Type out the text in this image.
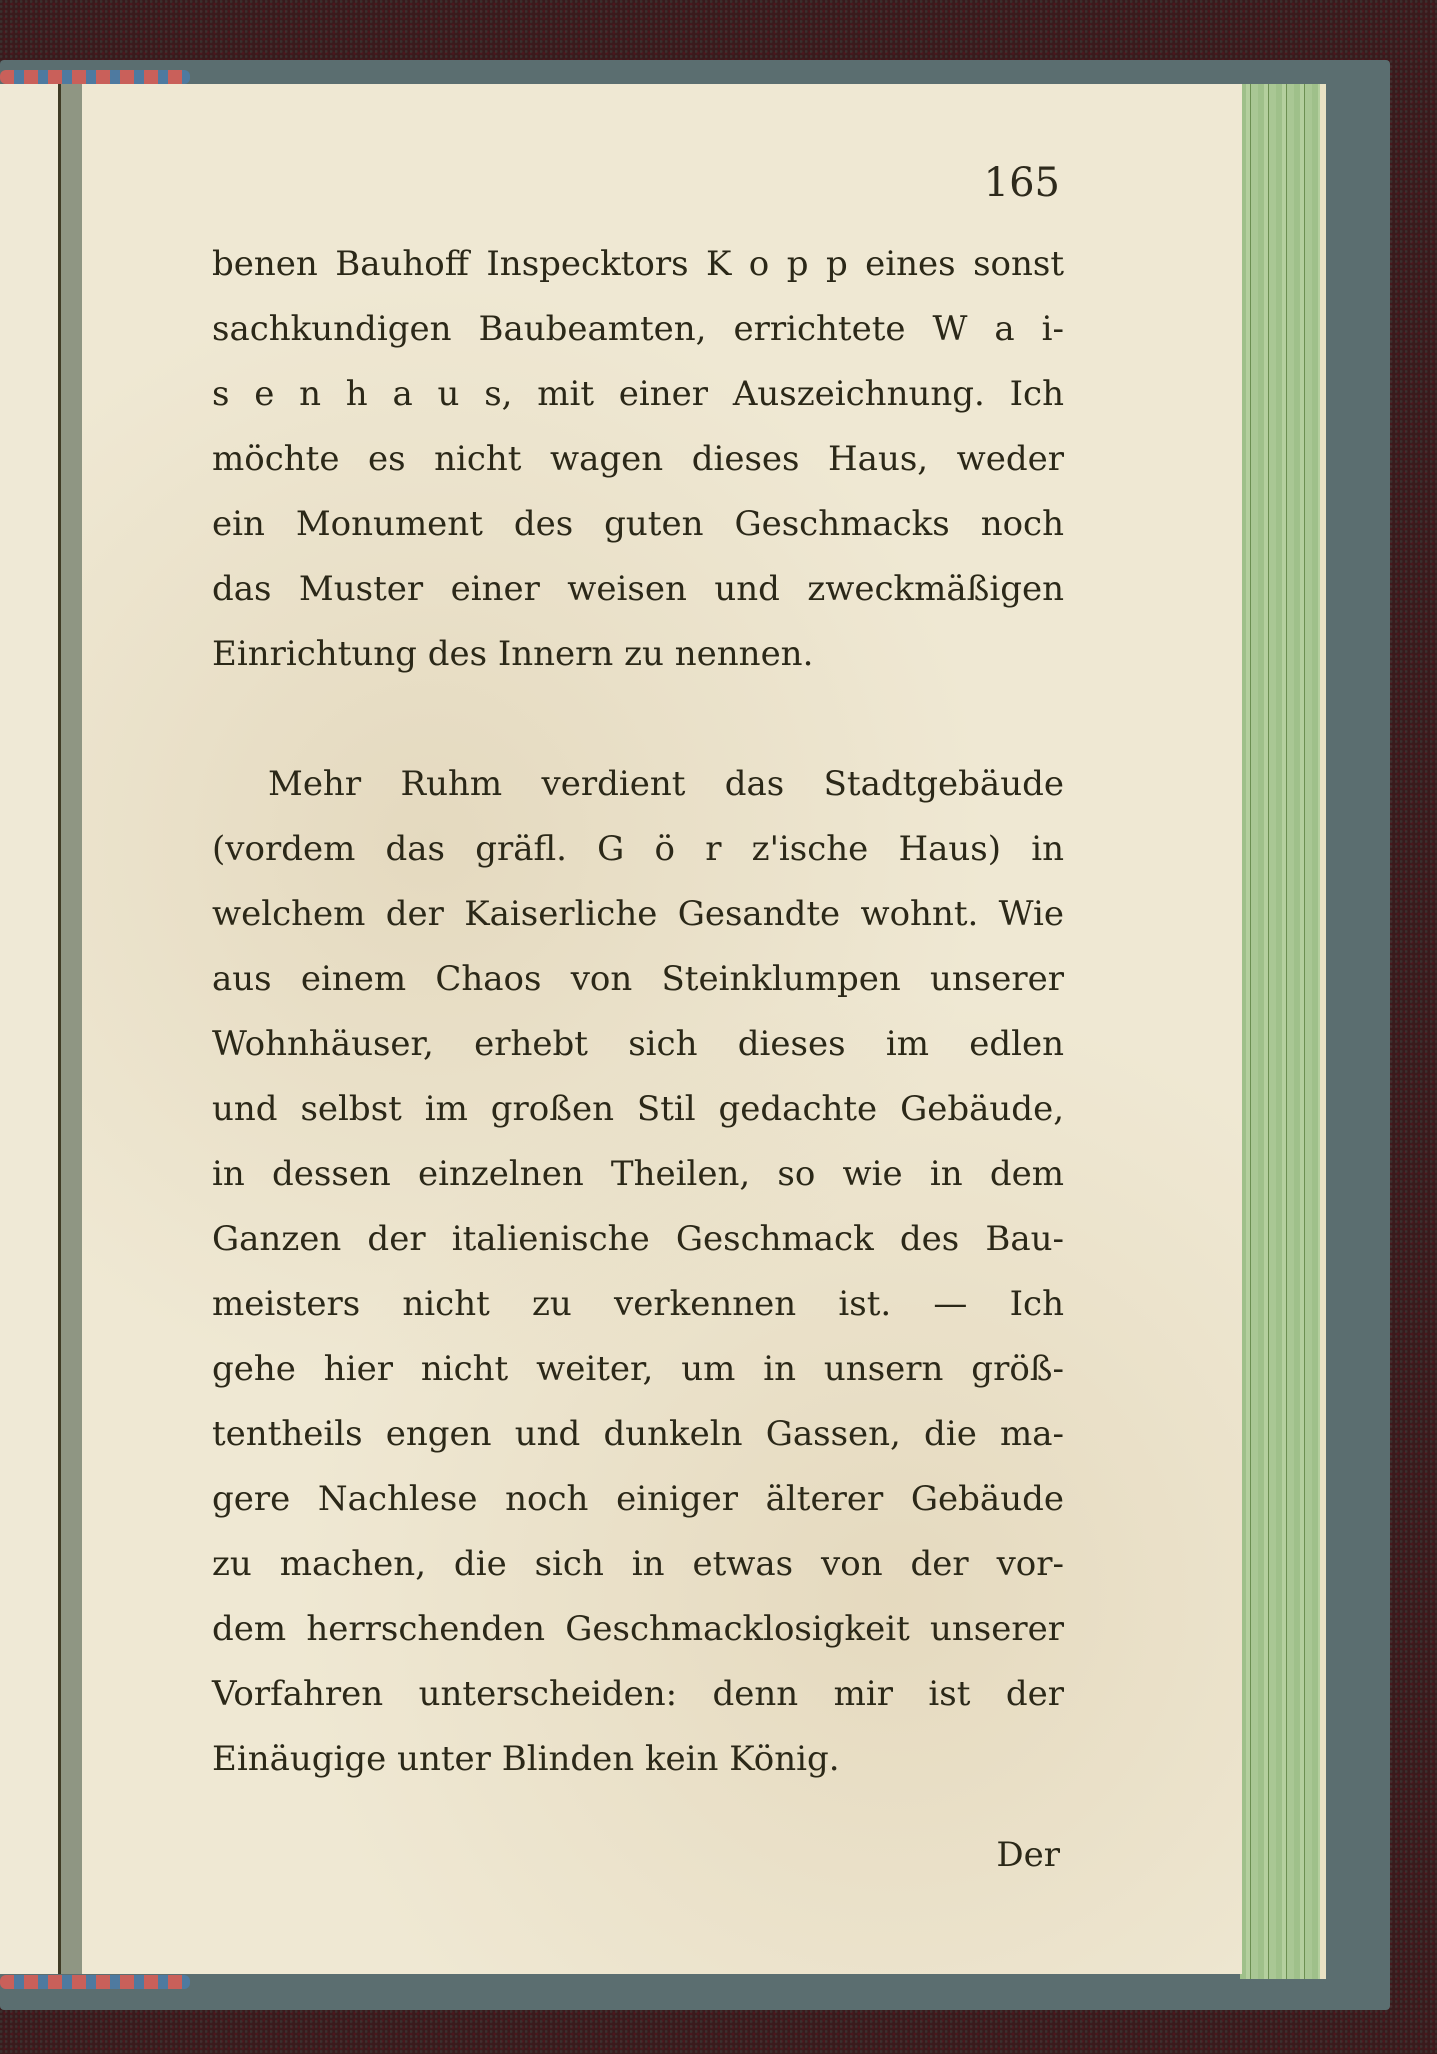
165
benen Bauhoff Inspecktors K o p p eines sonst
sachkundigen Baubeamten, errichtete W a i-
s e n h a u s, mit einer Auszeichnung. Ich
möchte es nicht wagen dieses Haus, weder
ein Monument des guten Geschmacks noch
das Muster einer weisen und zweckmäßigen
Einrichtung des Innern zu nennen.
Mehr Ruhm verdient das Stadtgebäude
(vordem das gräfl. G ö r z'ische Haus) in
welchem der Kaiserliche Gesandte wohnt. Wie
aus einem Chaos von Steinklumpen unserer
Wohnhäuser, erhebt sich dieses im edlen
und selbst im großen Stil gedachte Gebäude,
in dessen einzelnen Theilen, so wie in dem
Ganzen der italienische Geschmack des Bau-
meisters nicht zu verkennen ist. — Ich
gehe hier nicht weiter, um in unsern größ-
tentheils engen und dunkeln Gassen, die ma-
gere Nachlese noch einiger älterer Gebäude
zu machen, die sich in etwas von der vor-
dem herrschenden Geschmacklosigkeit unserer
Vorfahren unterscheiden: denn mir ist der
Einäugige unter Blinden kein König.
Der
